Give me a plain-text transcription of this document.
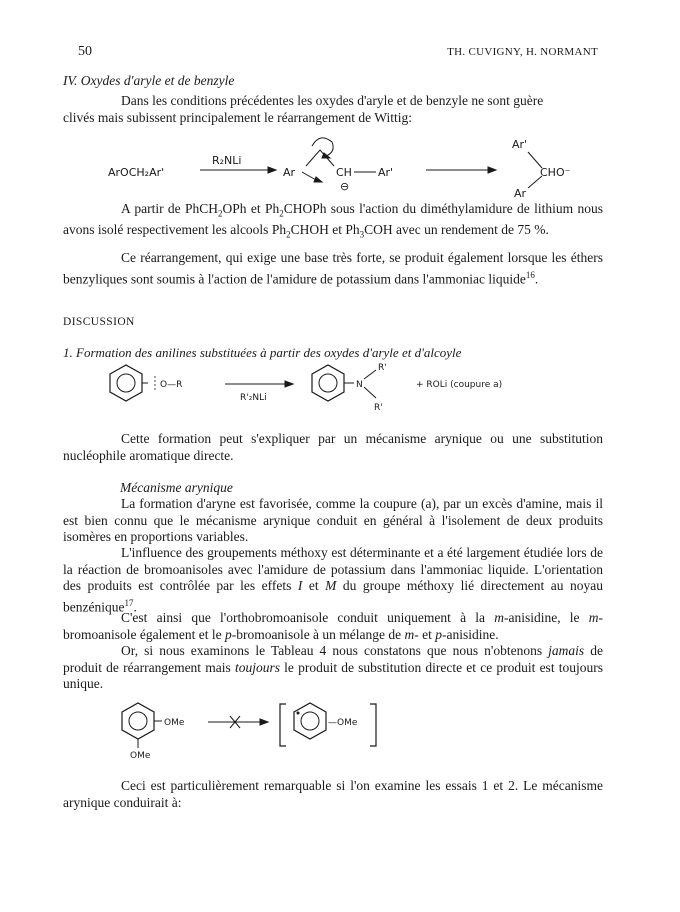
50	TH. CUVIGNY, H. NORMANT
IV. Oxydes d'aryle et de benzyle

Dans les conditions précédentes les oxydes d'aryle et de benzyle ne sont guère

clivés mais subissent principalement le réarrangement de Wittig:

ArOCH₂Ar'
R₂NLi
Ar	CH Ar'
⊖
Ar'
CHO⁻
Ar
A partir de PhCH$_2$OPh et $Ph_2CHOPh$ sous l'action du diméthylamidure de lithium nous avons isolé respectivement les alcools $Ph_2CHOH$ et $Ph_3COH$ avec un rendement de 75 %.
Ce réarrangement, qui exige une base très forte, se produit également lorsque les éthers benzyliques sont soumis à l'action de l'amidure de potassium dans l'ammoniac liquide$^{16}$.
DISCUSSION
1. Formation des anilines substituées à partir des oxydes d'aryle et d'alcoyle
O—R
R'₂NLi
N
R'
R'
+ ROLi (coupure a)
Cette formation peut s'expliquer par un mécanisme arynique ou une substitution nucléophile aromatique directe.
Mécanisme arynique
La formation d'aryne est favorisée, comme la coupure (a), par un excès d'amine, mais il est bien connu que le mécanisme arynique conduit en général à l'isolement de deux produits isomères en proportions variables.
L'influence des groupements méthoxy est déterminante et a été largement étudiée lors de la réaction de bromoanisoles avec l'amidure de potassium dans l'ammoniac liquide. L'orientation des produits est contrôlée par les effets I et M du groupe méthoxy lié directement au noyau benzénique$^{17}$.
C'est ainsi que l'orthobromoanisole conduit uniquement à la m-anisidine, le m-bromoanisole également et le p-bromoanisole à un mélange de m- et p-anisidine.
Or, si nous examinons le Tableau 4 nous constatons que nous n'obtenons jamais de produit de réarrangement mais toujours le produit de substitution directe et ce produit est toujours unique.
OMe
OMe
—OMe
Ceci est particulièrement remarquable si l'on examine les essais 1 et 2. Le mécanisme arynique conduirait à:
